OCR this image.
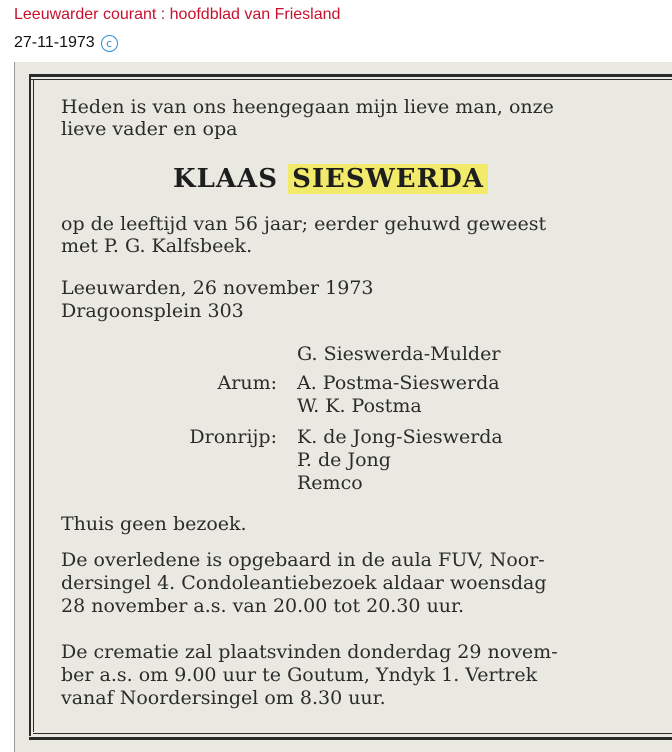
Leeuwarder courant : hoofdblad van Friesland
27-11-1973	c
Heden is van ons heengegaan mijn lieve man, onze
lieve vader en opa
KLAAS SIESWERDA
op de leeftijd van 56 jaar; eerder gehuwd geweest
met P. G. Kalfsbeek.
Leeuwarden, 26 november 1973
Dragoonsplein 303
G. Sieswerda-Mulder
Arum: A. Postma-Sieswerda
W. K. Postma
Dronrijp: K. de Jong-Sieswerda
P. de Jong
Remco
Thuis geen bezoek.
De overledene is opgebaard in de aula FUV, Noor-
dersingel 4. Condoleantiebezoek aldaar woensdag
28 november a.s. van 20.00 tot 20.30 uur.
De crematie zal plaatsvinden donderdag 29 novem-
ber a.s. om 9.00 uur te Goutum, Yndyk 1. Vertrek
vanaf Noordersingel om 8.30 uur.
